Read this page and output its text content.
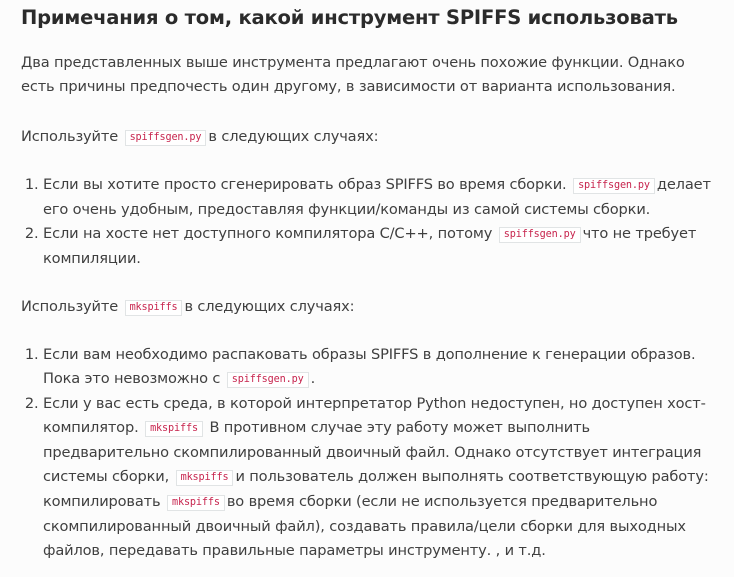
Примечания о том, какой инструмент SPIFFS использовать

Два представленных выше инструмента предлагают очень похожие функции. Однако есть причины предпочесть один другому, в зависимости от варианта использования.

Используйте spiffsgen.py в следующих случаях:

1. Если вы хотите просто сгенерировать образ SPIFFS во время сборки. spiffsgen.py делает его очень удобным, предоставляя функции/команды из самой системы сборки.
2. Если на хосте нет доступного компилятора C/C++, потому spiffsgen.py что не требует компиляции.

Используйте mkspiffs в следующих случаях:

1. Если вам необходимо распаковать образы SPIFFS в дополнение к генерации образов. Пока это невозможно с spiffsgen.py .
2. Если у вас есть среда, в которой интерпретатор Python недоступен, но доступен хост-компилятор. mkspiffs В противном случае эту работу может выполнить предварительно скомпилированный двоичный файл. Однако отсутствует интеграция системы сборки, mkspiffs и пользователь должен выполнять соответствующую работу: компилировать mkspiffs во время сборки (если не используется предварительно скомпилированный двоичный файл), создавать правила/цели сборки для выходных файлов, передавать правильные параметры инструменту. , и т.д.
